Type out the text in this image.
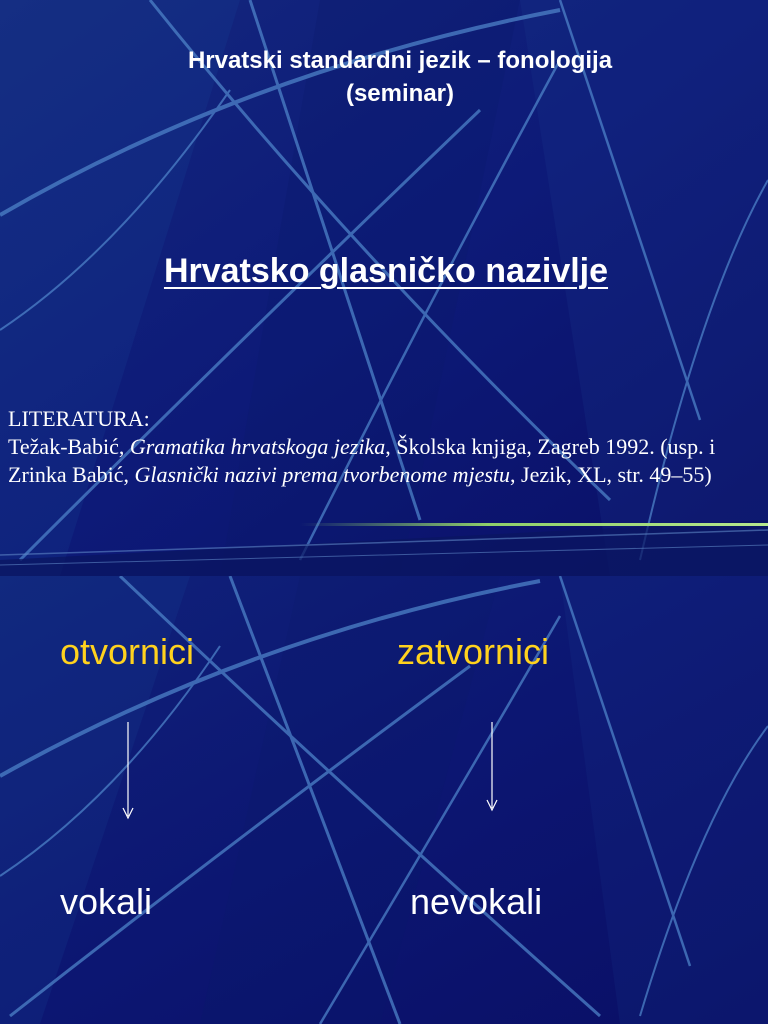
Hrvatski standardni jezik – fonologija
(seminar)
Hrvatsko glasničko nazivlje
LITERATURA:
Težak-Babić, Gramatika hrvatskoga jezika, Školska knjiga, Zagreb 1992. (usp. i Zrinka Babić, Glasnički nazivi prema tvorbenome mjestu, Jezik, XL, str. 49–55)
otvornici	zatvornici
vokali	nevokali
